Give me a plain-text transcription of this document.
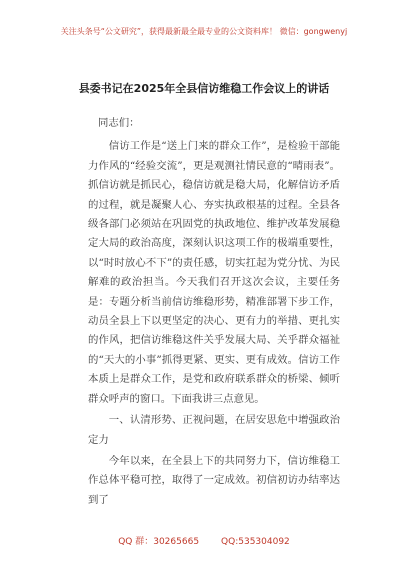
关注头条号“公文研究”，获得最新最全最专业的公文资料库！ 微信：gongwenyj
县委书记在2025年全县信访维稳工作会议上的讲话

同志们：

信访工作是“送上门来的群众工作”，是检验干部能力作风的“经验交流”，更是观测社情民意的“晴雨表”。抓信访就是抓民心，稳信访就是稳大局，化解信访矛盾的过程，就是凝聚人心、夯实执政根基的过程。全县各级各部门必须站在巩固党的执政地位、维护改革发展稳定大局的政治高度，深刻认识这项工作的极端重要性，以“时时放心不下”的责任感，切实扛起为党分忧、为民解难的政治担当。今天我们召开这次会议，主要任务是：专题分析当前信访维稳形势，精准部署下步工作，动员全县上下以更坚定的决心、更有力的举措、更扎实的作风，把信访维稳这件关乎发展大局、关乎群众福祉的“天大的小事”抓得更紧、更实、更有成效。信访工作本质上是群众工作，是党和政府联系群众的桥梁、倾听群众呼声的窗口。下面我讲三点意见。

一、认清形势、正视问题，在居安思危中增强政治定力

今年以来，在全县上下的共同努力下，信访维稳工作总体平稳可控，取得了一定成效。初信初访办结率达到了

QQ 群：30265665 QQ:535304092
